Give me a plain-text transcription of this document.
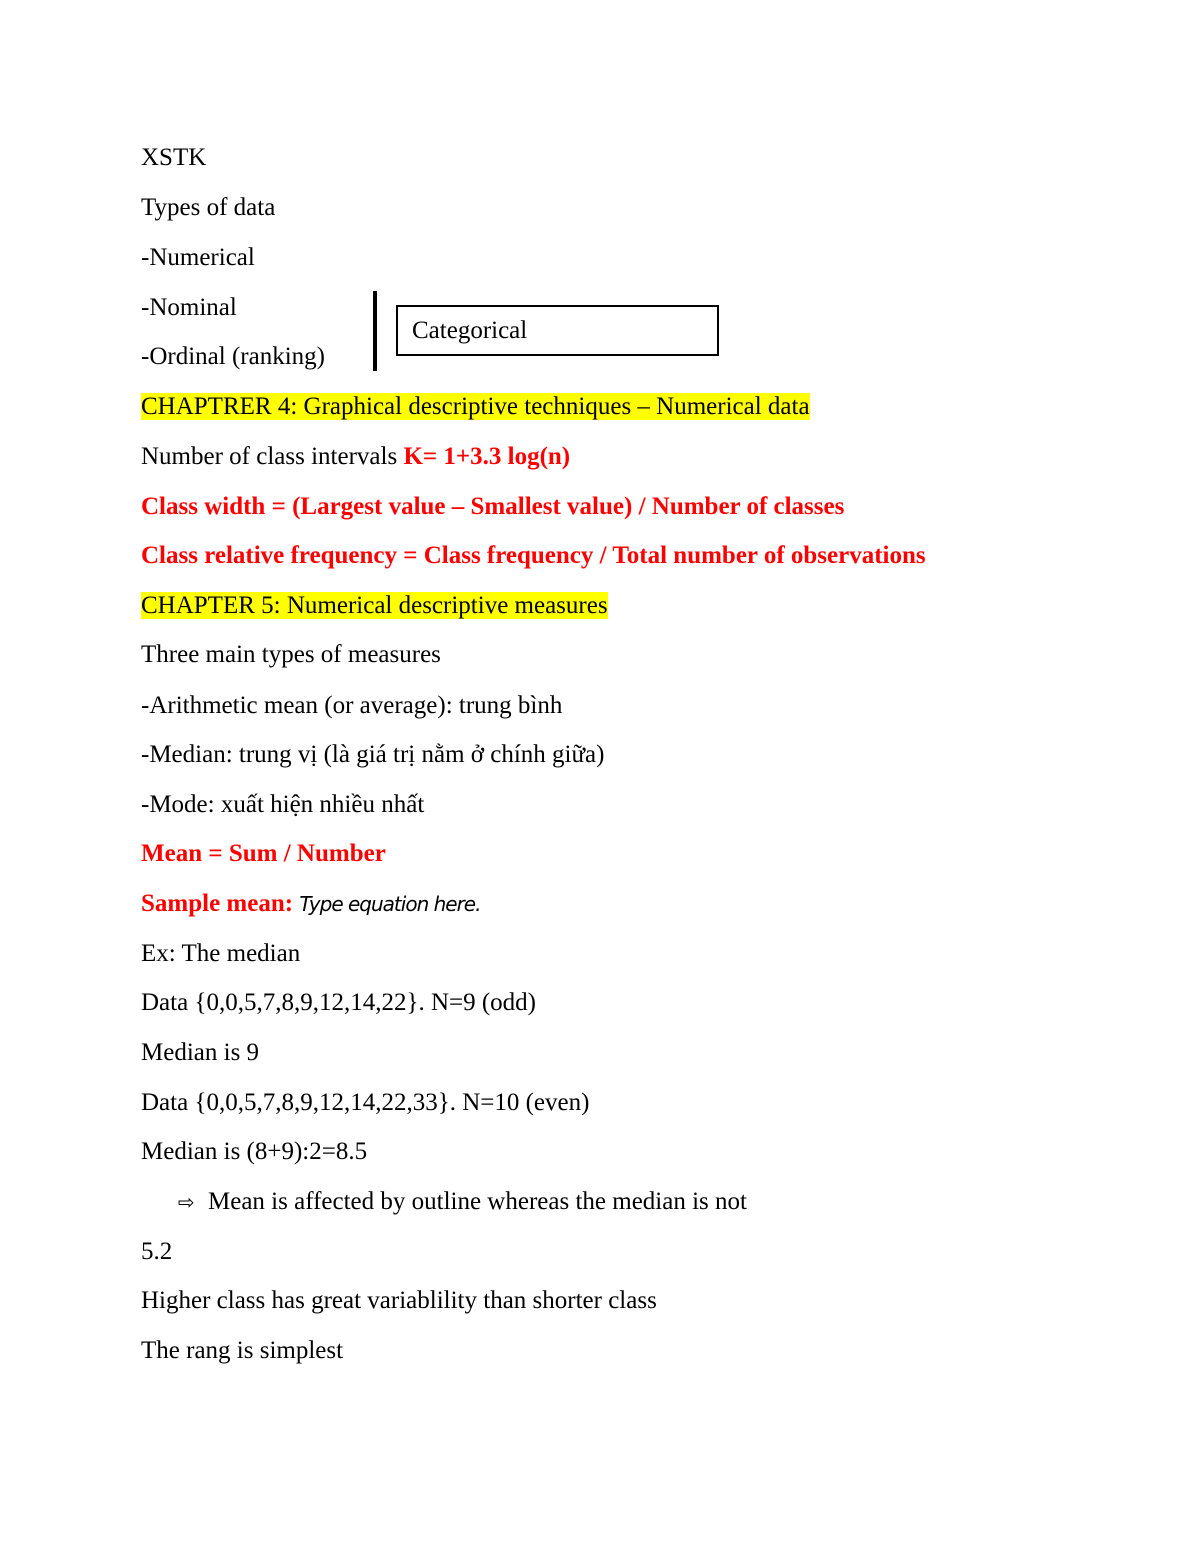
XSTK
Types of data
-Numerical
-Nominal
-Ordinal (ranking)
Categorical
CHAPTRER 4: Graphical descriptive techniques – Numerical data
Number of class intervals K= 1+3.3 log(n)
Class width = (Largest value – Smallest value) / Number of classes
Class relative frequency = Class frequency / Total number of observations
CHAPTER 5: Numerical descriptive measures
Three main types of measures
-Arithmetic mean (or average): trung bình
-Median: trung vị (là giá trị nằm ở chính giữa)
-Mode: xuất hiện nhiều nhất
Mean = Sum / Number
Sample mean: Type equation here.
Ex: The median
Data {0,0,5,7,8,9,12,14,22}. N=9 (odd)
Median is 9
Data {0,0,5,7,8,9,12,14,22,33}. N=10 (even)
Median is (8+9):2=8.5
⇨ Mean is affected by outline whereas the median is not
5.2
Higher class has great variablility than shorter class
The rang is simplest
